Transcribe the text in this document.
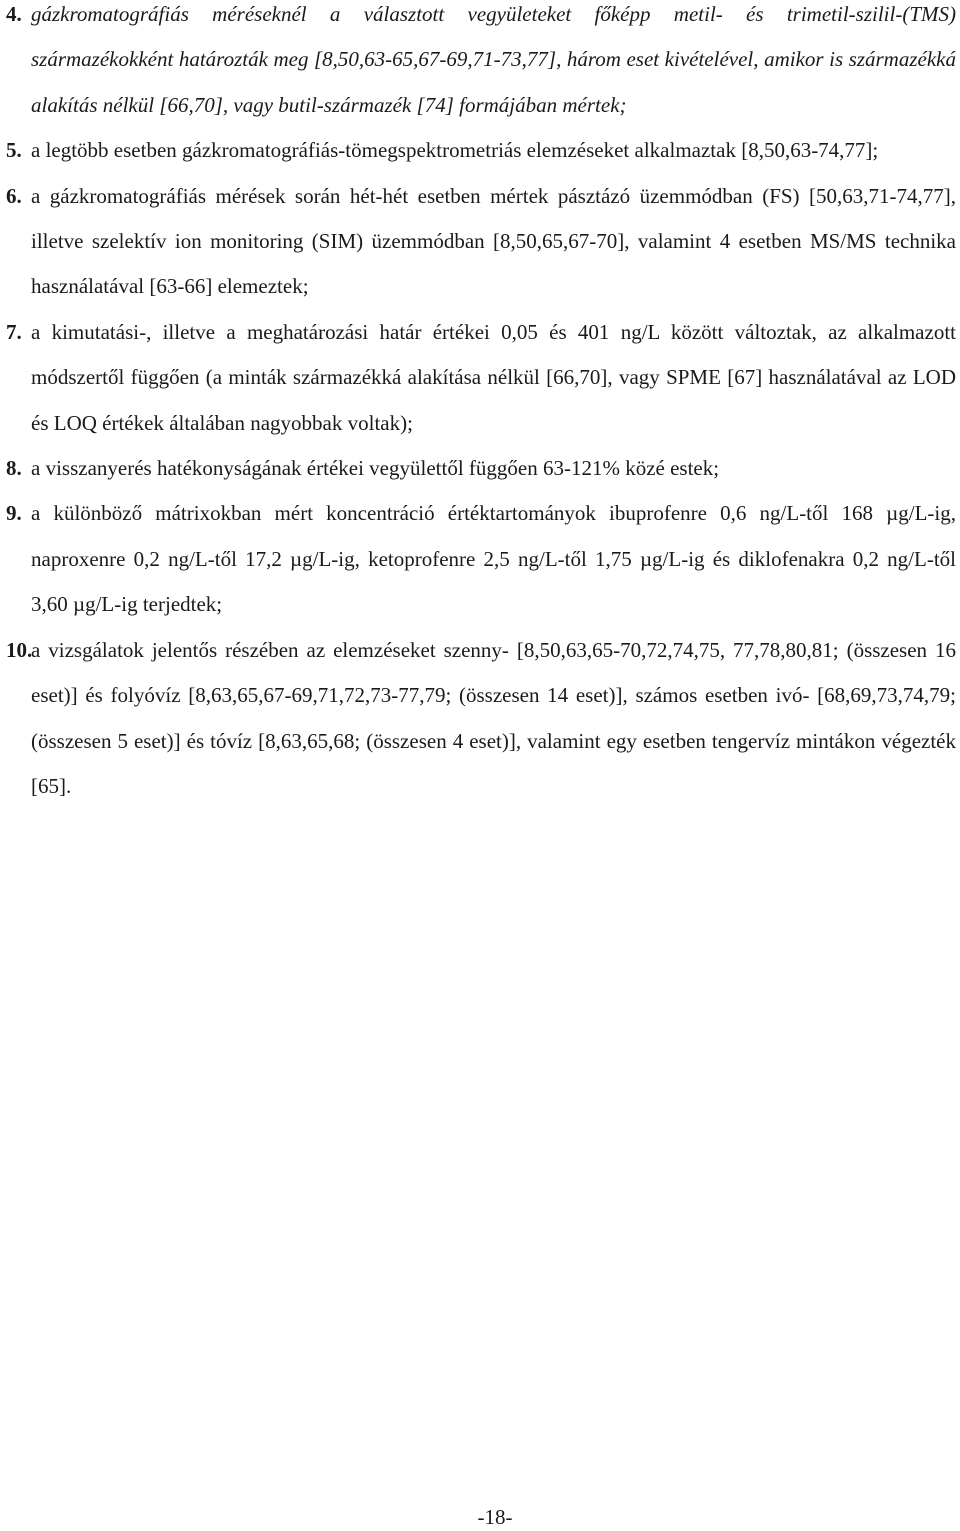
4. gázkromatográfiás méréseknél a választott vegyületeket főképp metil- és trimetil-szilil-(TMS) származékokként határozták meg [8,50,63-65,67-69,71-73,77], három eset kivételével, amikor is származékká alakítás nélkül [66,70], vagy butil-származék [74] formájában mértek;
5. a legtöbb esetben gázkromatográfiás-tömegspektrometriás elemzéseket alkalmaztak [8,50,63-74,77];
6. a gázkromatográfiás mérések során hét-hét esetben mértek pásztázó üzemmódban (FS) [50,63,71-74,77], illetve szelektív ion monitoring (SIM) üzemmódban [8,50,65,67-70], valamint 4 esetben MS/MS technika használatával [63-66] elemeztek;
7. a kimutatási-, illetve a meghatározási határ értékei 0,05 és 401 ng/L között változtak, az alkalmazott módszertől függően (a minták származékká alakítása nélkül [66,70], vagy SPME [67] használatával az LOD és LOQ értékek általában nagyobbak voltak);
8. a visszanyerés hatékonyságának értékei vegyülettől függően 63-121% közé estek;
9. a különböző mátrixokban mért koncentráció értéktartományok ibuprofenre 0,6 ng/L-től 168 µg/L-ig, naproxenre 0,2 ng/L-től 17,2 µg/L-ig, ketoprofenre 2,5 ng/L-től 1,75 µg/L-ig és diklofenakra 0,2 ng/L-től 3,60 µg/L-ig terjedtek;
10.
a vizsgálatok jelentős részében az elemzéseket szenny- [8,50,63,65-70,72,74,75, 77,78,80,81; (összesen 16 eset)] és folyóvíz [8,63,65,67-69,71,72,73-77,79; (összesen 14 eset)], számos esetben ivó- [68,69,73,74,79; (összesen 5 eset)] és tóvíz [8,63,65,68; (összesen 4 eset)], valamint egy esetben tengervíz mintákon végezték [65].
-18-
